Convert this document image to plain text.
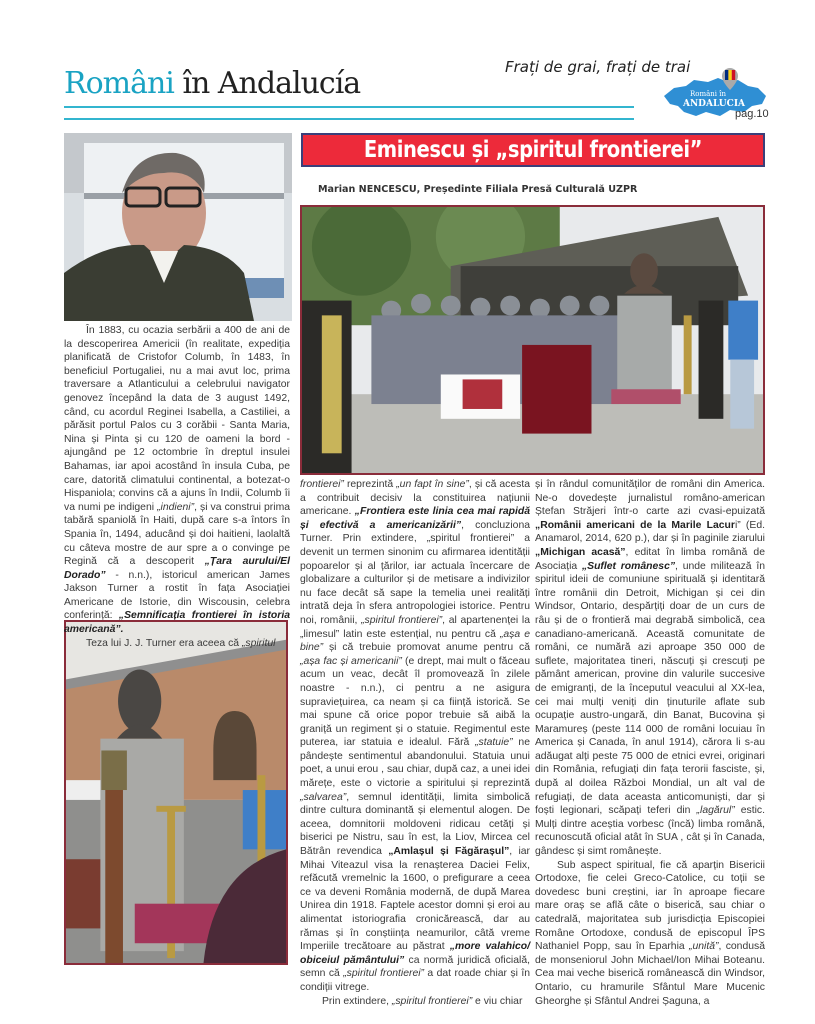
Români în Andalucía	Frați de grai, frați de trai
Români în
ANDALUCIA
pag.10
Eminescu și „spiritul frontierei”
Marian NENCESCU, Președinte Filiala Presă Culturală UZPR

În 1883, cu ocazia serbării a 400 de ani de la descoperirea Americii (în realitate, expediția planificată de Cristofor Columb, în 1483, în beneficiul Portugaliei, nu a mai avut loc, prima traversare a Atlanticului a celebrului navigator genovez începând la data de 3 august 1492, când, cu acordul Reginei Isabella, a Castiliei, a părăsit portul Palos cu 3 corăbii - Santa Maria, Nina și Pinta și cu 120 de oameni la bord - ajungând pe 12 octombrie în dreptul insulei Bahamas, iar apoi acostând în insula Cuba, pe care, datorită climatului continental, a botezat-o Hispaniola; convins că a ajuns în Indii, Columb îi va numi pe indigeni „indieni”, și va construi prima tabără spaniolă în Haiti, după care s-a întors în Spania în, 1494, aducând și doi haitieni, laolaltă cu câteva mostre de aur spre a o convinge pe Regină că a descoperit „Țara aurului/El Dorado” - n.n.), istoricul american James Jakson Turner a rostit în fața Asociației Americane de Istorie, din Wiscousin, celebra conferință: „Semnificația frontierei în istoria americană”.

Teza lui J. J. Turner era aceea că „spiritul

frontierei” reprezintă „un fapt în sine”, și că acesta a contribuit decisiv la constituirea națiunii americane. „Frontiera este linia cea mai rapidă și efectivă a americanizării”, concluziona Turner. Prin extindere, „spiritul frontierei” a devenit un termen sinonim cu afirmarea identității popoarelor și al țărilor, iar actuala încercare de globalizare a culturilor și de metisare a indivizilor nu face decât să sape la temelia unei realități intrată deja în sfera antropologiei istorice. Pentru noi, românii, „spiritul frontierei”, al apartenenței la „limesul” latin este estențial, nu pentru că „așa e bine” și că trebuie promovat anume pentru că „așa fac și americanii” (e drept, mai mult o făceau acum un veac, decât îl promovează în zilele noastre - n.n.), ci pentru a ne asigura supraviețuirea, ca neam și ca ființă istorică. Se mai spune că orice popor trebuie să aibă la graniță un regiment și o statuie. Regimentul este puterea, iar statuia e idealul. Fără „statuie” ne pândește sentimentul abandonului. Statuia unui poet, a unui erou , sau chiar, după caz, a unei idei mărețe, este o victorie a spiritului și reprezintă „salvarea”, semnul identității, limita simbolică dintre cultura dominantă și elementul alogen. De aceea, domnitorii moldoveni ridicau cetăți și biserici pe Nistru, sau în est, la Liov, Mircea cel Bătrân revendica „Amlașul și Făgărașul”, iar Mihai Viteazul visa la renașterea Daciei Felix, refăcută vremelnic la 1600, o prefigurare a ceea ce va deveni România modernă, de după Marea Unirea din 1918. Faptele acestor domni și eroi au alimentat istoriografia cronicărească, dar au rămas și în conștiința neamurilor, câtă vreme Imperiile trecătoare au păstrat „more valahico/ obiceiul pământului” ca normă juridică oficială, semn că „spiritul frontierei” a dat roade chiar și în condiții vitrege.

Prin extindere, „spiritul frontierei” e viu chiar

și în rândul comunităților de români din America. Ne-o dovedește jurnalistul româno-american Ștefan Străjeri într-o carte azi cvasi-epuizată „Românii americani de la Marile Lacuri” (Ed. Anamarol, 2014, 620 p.), dar și în paginile ziarului „Michigan acasă”, editat în limba română de Asociația „Suflet românesc”, unde militează în spiritul ideii de comuniune spirituală și identitară între românii din Detroit, Michigan și cei din Windsor, Ontario, despărțiți doar de un curs de râu și de o frontieră mai degrabă simbolică, cea canadiano-americană. Această comunitate de români, ce numără azi aproape 350 000 de suflete, majoritatea tineri, născuți și crescuți pe pământ american, provine din valurile succesive de emigranți, de la începutul veacului al XX-lea, cei mai mulți veniți din ținuturile aflate sub ocupație austro-ungară, din Banat, Bucovina și Maramureș (peste 114 000 de români locuiau în America și Canada, în anul 1914), cărora li s-au adăugat alți peste 75 000 de etnici evrei, originari din România, refugiați din fața terorii fasciste, și, după al doilea Război Mondial, un alt val de refugiați, de data aceasta anticomuniști, dar și foști legionari, scăpați teferi din „lagărul” estic. Mulți dintre aceștia vorbesc (încă) limba română, recunoscută oficial atât în SUA , cât și în Canada, gândesc și simt românește.

Sub aspect spiritual, fie că aparțin Bisericii Ortodoxe, fie celei Greco-Catolice, cu toții se dovedesc buni creștini, iar în aproape fiecare mare oraș se află câte o biserică, sau chiar o catedrală, majoritatea sub jurisdicția Episcopiei Române Ortodoxe, condusă de episcopul ÎPS Nathaniel Popp, sau în Eparhia „unită”, condusă de monseniorul John Michael/Ion Mihai Boteanu. Cea mai veche biserică românească din Windsor, Ontario, cu hramurile Sfântul Mare Mucenic Gheorghe și Sfântul Andrei Șaguna, a
